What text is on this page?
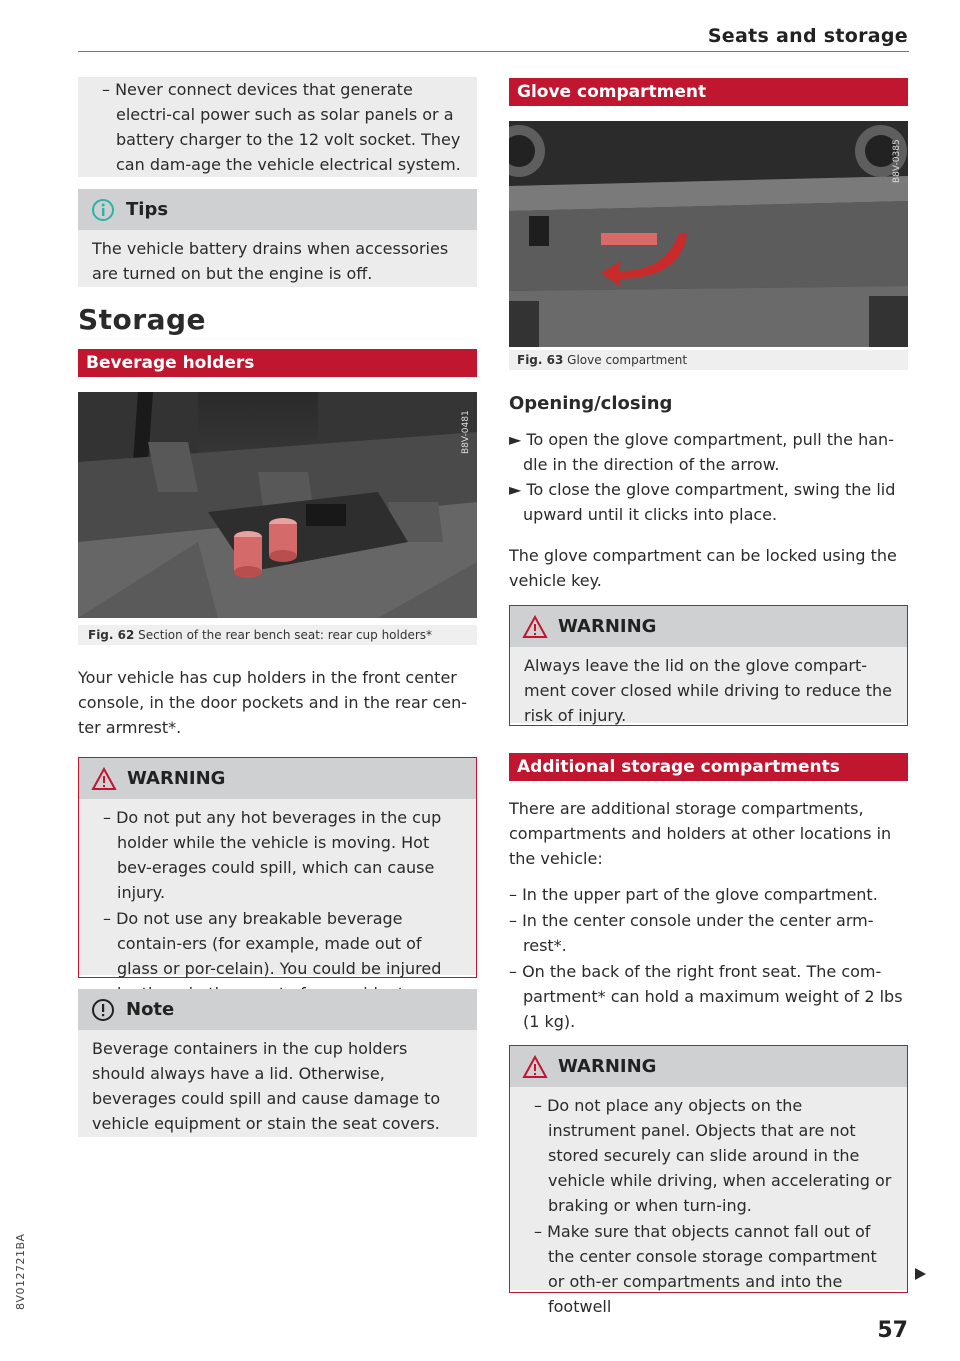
Seats and storage

– Never connect devices that generate electri-cal power such as solar panels or a battery charger to the 12 volt socket. They can dam-age the vehicle electrical system.

Tips

The vehicle battery drains when accessories are turned on but the engine is off.

Storage
Beverage holders
B8V-0481
Fig. 62 Section of the rear bench seat: rear cup holders*

Your vehicle has cup holders in the front center console, in the door pockets and in the rear cen-ter armrest*.

WARNING

– Do not put any hot beverages in the cup holder while the vehicle is moving. Hot bev-erages could spill, which can cause injury.

– Do not use any breakable beverage contain-ers (for example, made out of glass or por-celain). You could be injured

Note

Beverage containers in the cup holders should always have a lid. Otherwise, beverages could spill and cause damage to vehicle equipment or stain the seat covers.

Glove compartment
B8V-0385
Fig. 63 Glove compartment
Opening/closing

► To open the glove compartment, pull the han-dle in the direction of the arrow.

► To close the glove compartment, swing the lid upward until it clicks into place.

The glove compartment can be locked using the vehicle key.

WARNING

Always leave the lid on the glove compart-ment cover closed while driving to reduce the risk of injury.

Additional storage compartments

There are additional storage compartments, compartments and holders at other locations in the vehicle:

– In the upper part of the glove compartment.

– In the center console under the center arm-rest*.

– On the back of the right front seat. The com-partment* can hold a maximum weight of 2 lbs (1 kg).

WARNING

– Do not place any objects on the instrument panel. Objects that are not stored securely can slide around in the vehicle while driving, when accelerating or braking or when turn-ing.

– Make sure that objects cannot fall out of the center console storage compartment or oth-er compartments and into the footwell

57
8V012721BA
